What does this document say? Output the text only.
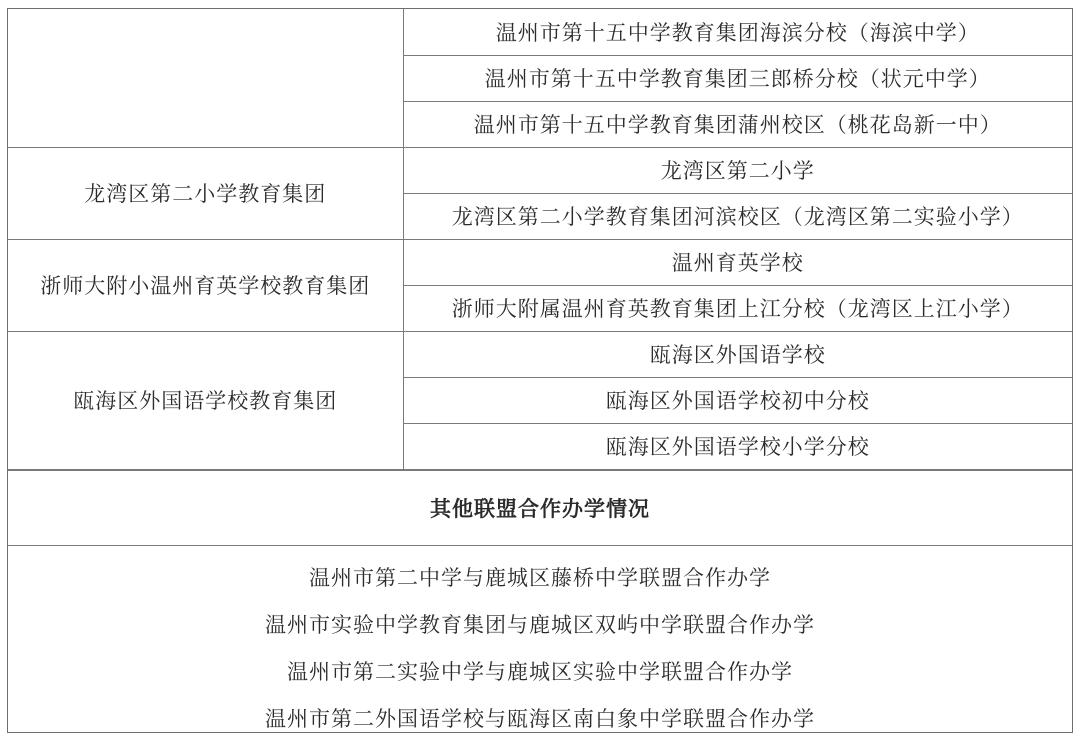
	温州市第十五中学教育集团海滨分校（海滨中学）
	温州市第十五中学教育集团三郎桥分校（状元中学）
	温州市第十五中学教育集团蒲州校区（桃花岛新一中）
龙湾区第二小学教育集团	龙湾区第二小学
	龙湾区第二小学教育集团河滨校区（龙湾区第二实验小学）
浙师大附小温州育英学校教育集团	温州育英学校
	浙师大附属温州育英教育集团上江分校（龙湾区上江小学）
瓯海区外国语学校教育集团	瓯海区外国语学校
	瓯海区外国语学校初中分校
	瓯海区外国语学校小学分校
其他联盟合作办学情况
温州市第二中学与鹿城区藤桥中学联盟合作办学
温州市实验中学教育集团与鹿城区双屿中学联盟合作办学
温州市第二实验中学与鹿城区实验中学联盟合作办学
温州市第二外国语学校与瓯海区南白象中学联盟合作办学
